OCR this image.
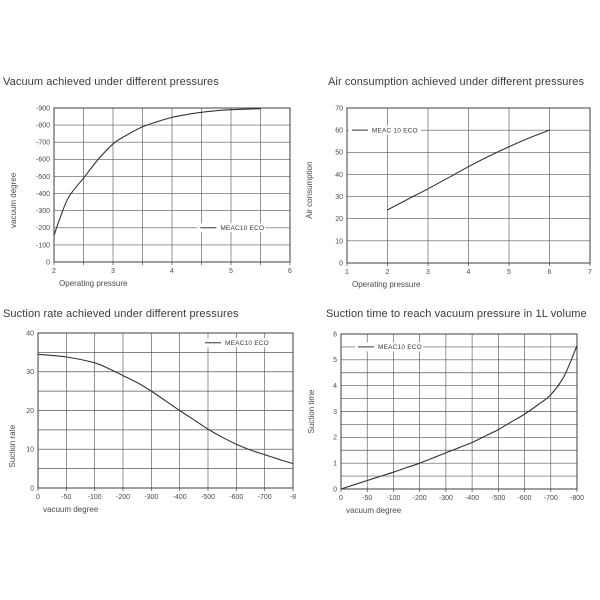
Vacuum achieved under different pressures
0
-100
-200
-300
-400
-500
-600
-700
-800
-900
2	3	4	5	6
MEAC10 ECO
Operating pressure
vacuum degree
Air consumption achieved under different pressures
0
10
20
30
40
50
60
70
1	2	3	4	5	6	7
MEAC 10 ECO
Operating pressure
Air consumption
Suction rate achieved under different pressures
0
10
20
30
40
0	-50 -100 -200 -300 -400 -500 -600 -700	-8
MEAC10 ECO
vacuum degree
Suction rate
Suction time to reach vacuum pressure in 1L volume
0
1
2
3
4
5
6
0	-50 -100 -200 -300 -400 -500 -600 -700 -800
MEAC10 ECO
vacuum degree
Suction time
